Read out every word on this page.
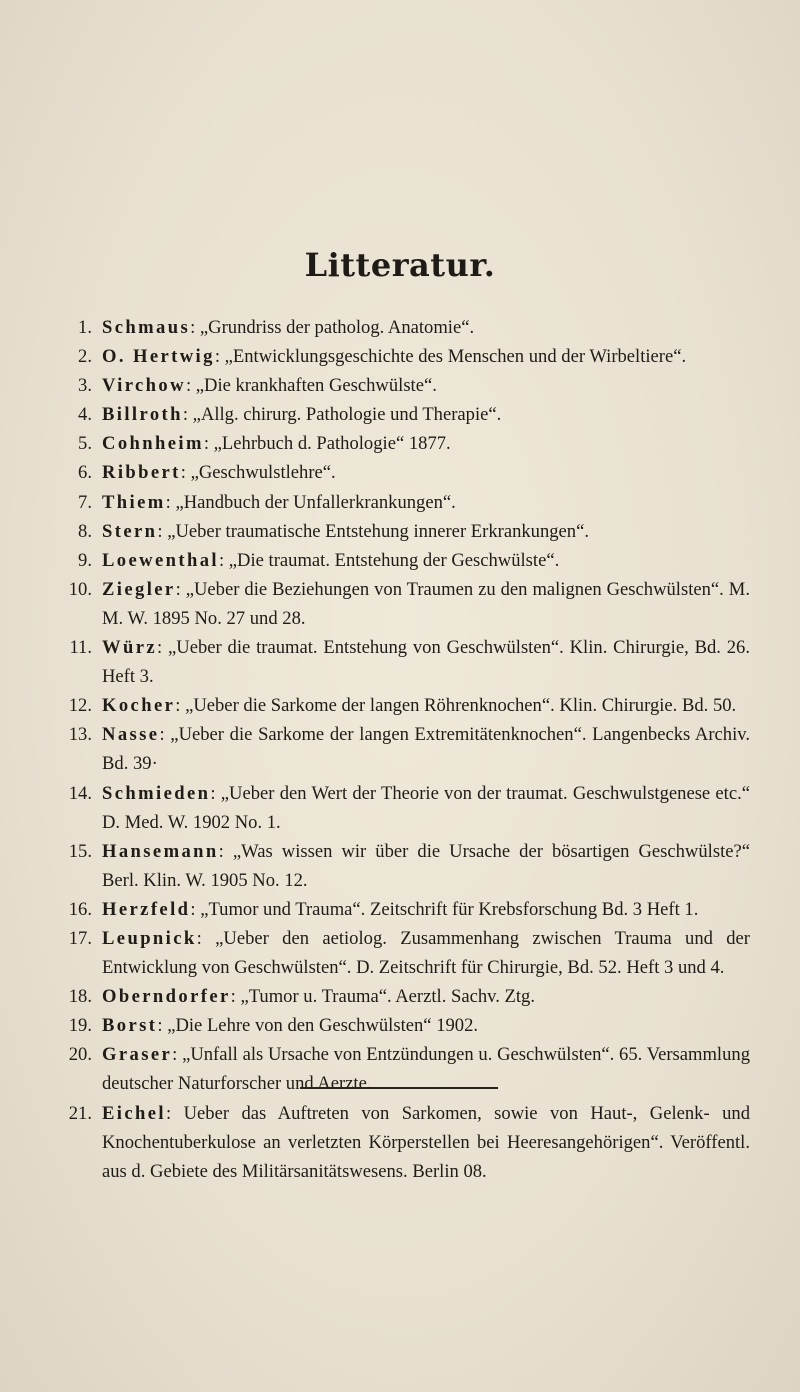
Litteratur.
1. Schmaus: „Grundriss der patholog. Anatomie“.
2. O. Hertwig: „Entwicklungsgeschichte des Menschen und der Wirbeltiere“.
3. Virchow: „Die krankhaften Geschwülste“.
4. Billroth: „Allg. chirurg. Pathologie und Therapie“.
5. Cohnheim: „Lehrbuch d. Pathologie“ 1877.
6. Ribbert: „Geschwulstlehre“.
7. Thiem: „Handbuch der Unfallerkrankungen“.
8. Stern: „Ueber traumatische Entstehung innerer Erkrankungen“.
9. Loewenthal: „Die traumat. Entstehung der Geschwülste“.
10. Ziegler: „Ueber die Beziehungen von Traumen zu den malignen Geschwülsten“. M. M. W. 1895 No. 27 und 28.
11. Würz: „Ueber die traumat. Entstehung von Geschwülsten“. Klin. Chirurgie, Bd. 26. Heft 3.
12. Kocher: „Ueber die Sarkome der langen Röhrenknochen“. Klin. Chirurgie. Bd. 50.
13. Nasse: „Ueber die Sarkome der langen Extremitätenknochen“. Langenbecks Archiv. Bd. 39·
14. Schmieden: „Ueber den Wert der Theorie von der traumat. Geschwulstgenese etc.“ D. Med. W. 1902 No. 1.
15. Hansemann: „Was wissen wir über die Ursache der bösartigen Geschwülste?“ Berl. Klin. W. 1905 No. 12.
16. Herzfeld: „Tumor und Trauma“. Zeitschrift für Krebsforschung Bd. 3 Heft 1.
17. Leupnick: „Ueber den aetiolog. Zusammenhang zwischen Trauma und der Entwicklung von Geschwülsten“. D. Zeitschrift für Chirurgie, Bd. 52. Heft 3 und 4.
18. Oberndorfer: „Tumor u. Trauma“. Aerztl. Sachv. Ztg.
19. Borst: „Die Lehre von den Geschwülsten“ 1902.
20. Graser: „Unfall als Ursache von Entzündungen u. Geschwülsten“. 65. Versammlung deutscher Naturforscher und Aerzte.
21. Eichel: Ueber das Auftreten von Sarkomen, sowie von Haut-, Gelenk- und Knochentuberkulose an verletzten Körperstellen bei Heeresangehörigen“. Veröffentl. aus d. Gebiete des Militärsanitätswesens. Berlin 08.
